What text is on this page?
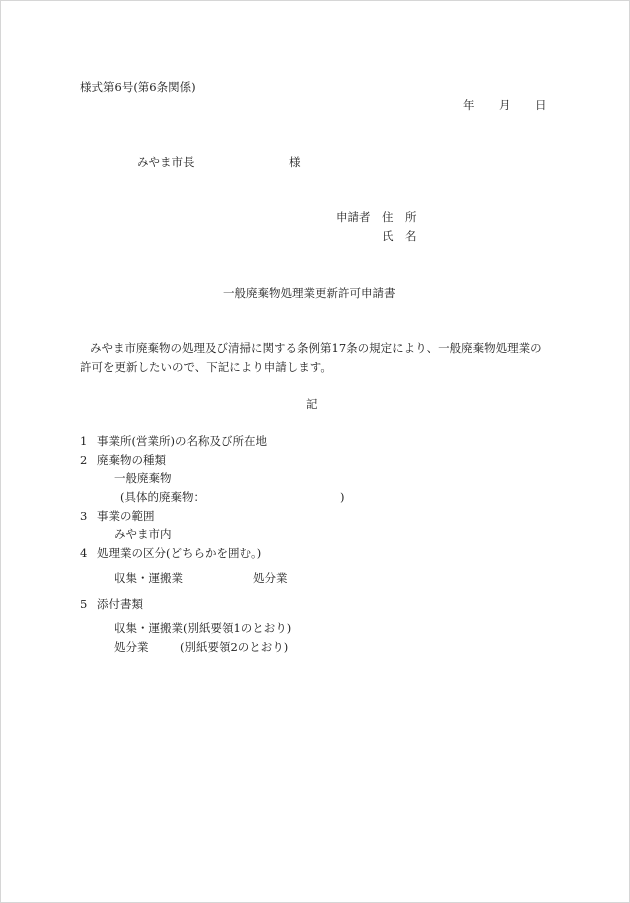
様式第6号(第6条関係)
年 月 日
みやま市長	様
申請者 住　所
氏　名
一般廃棄物処理業更新許可申請書
みやま市廃棄物の処理及び清掃に関する条例第17条の規定により、一般廃棄物処理業の
許可を更新したいので、下記により申請します。
記
1 事業所(営業所)の名称及び所在地
2 廃棄物の種類
一般廃棄物
(具体的廃棄物：	)
3 事業の範囲
みやま市内
4 処理業の区分(どちらかを囲む。)
収集・運搬業	処分業
5 添付書類
収集・運搬業(別紙要領1のとおり)
処分業	(別紙要領2のとおり)
